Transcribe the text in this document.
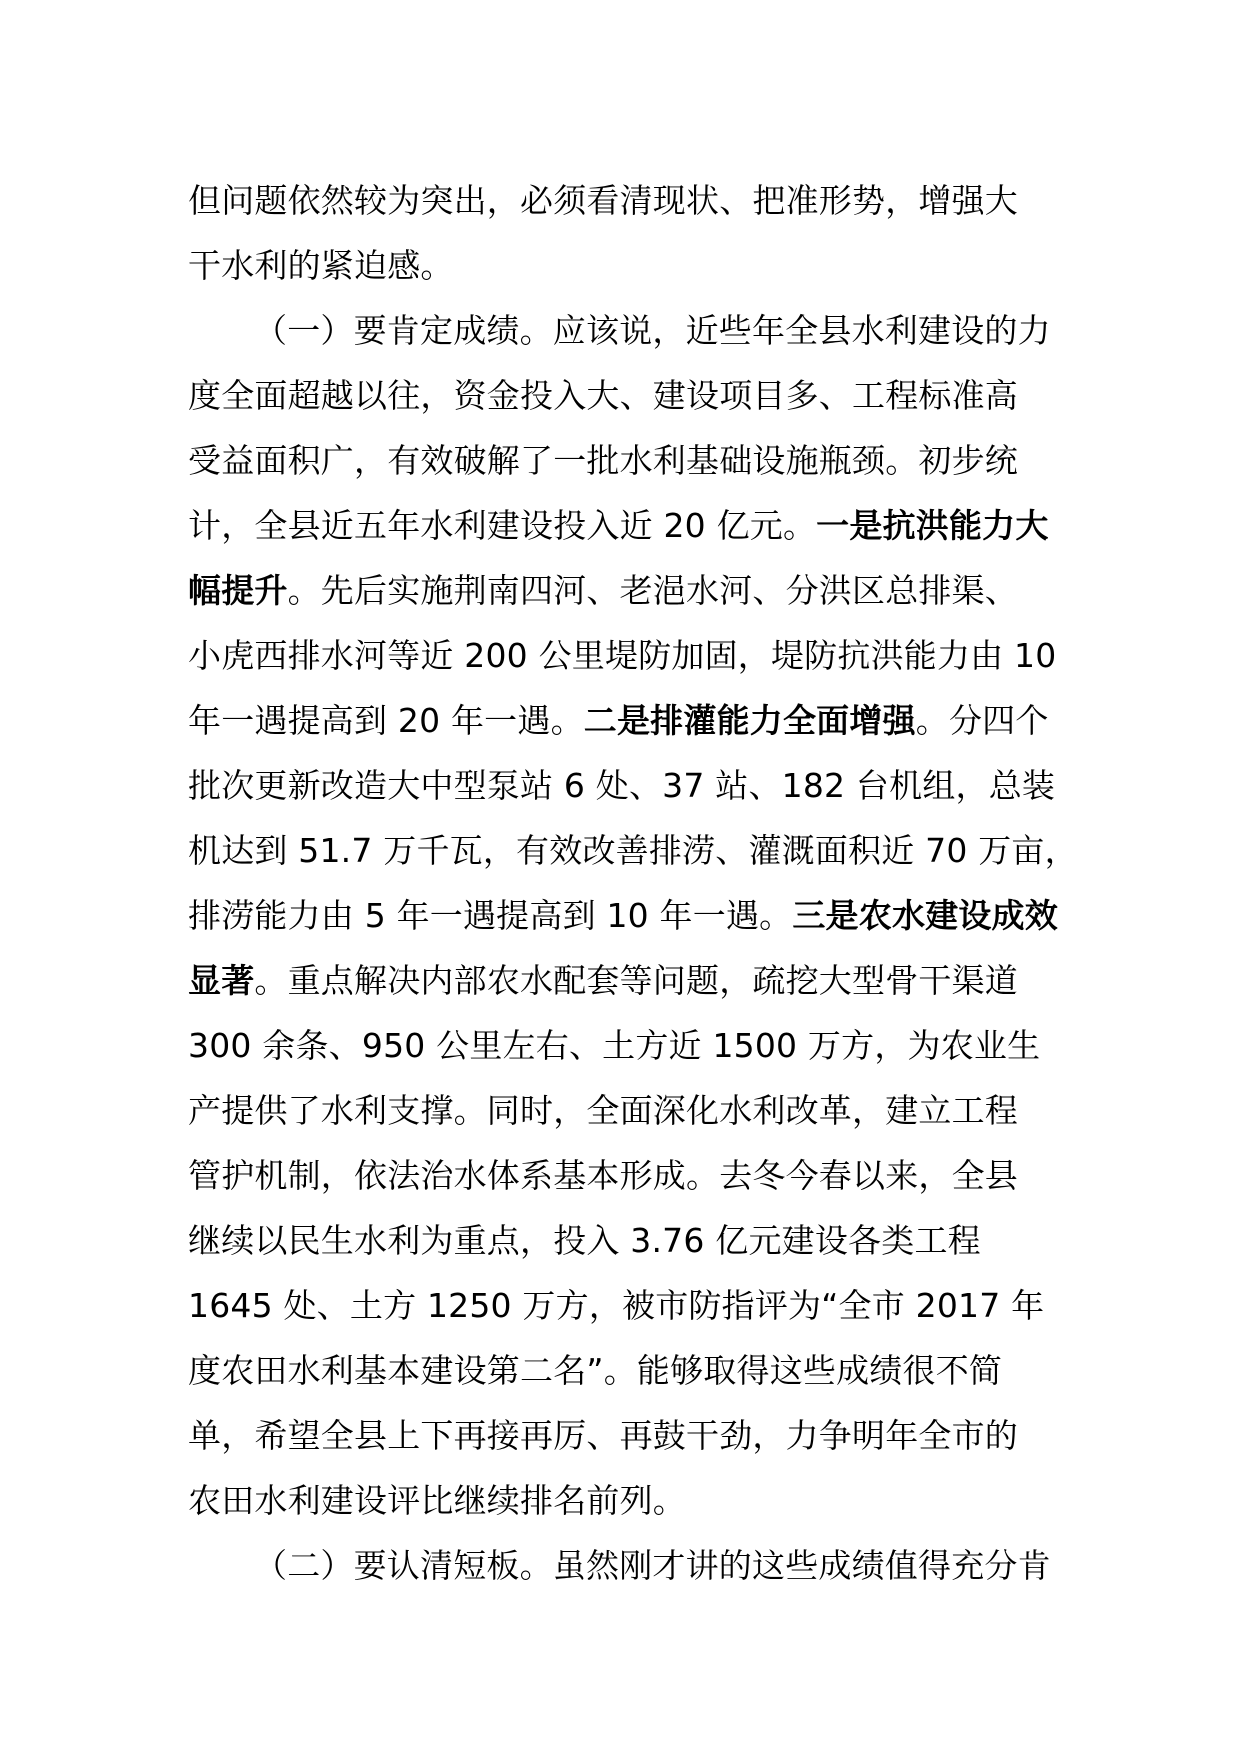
但问题依然较为突出，必须看清现状、把准形势，增强大
干水利的紧迫感。
（一）要肯定成绩。应该说，近些年全县水利建设的力
度全面超越以往，资金投入大、建设项目多、工程标准高
受益面积广，有效破解了一批水利基础设施瓶颈。初步统
计，全县近五年水利建设投入近 20 亿元。一是抗洪能力大
幅提升。先后实施荆南四河、老浥水河、分洪区总排渠、
小虎西排水河等近 200 公里堤防加固，堤防抗洪能力由 10
年一遇提高到 20 年一遇。二是排灌能力全面增强。分四个
批次更新改造大中型泵站 6 处、37 站、182 台机组，总装
机达到 51.7 万千瓦，有效改善排涝、灌溉面积近 70 万亩，
排涝能力由 5 年一遇提高到 10 年一遇。三是农水建设成效
显著。重点解决内部农水配套等问题，疏挖大型骨干渠道
300 余条、950 公里左右、土方近 1500 万方，为农业生
产提供了水利支撑。同时，全面深化水利改革，建立工程
管护机制，依法治水体系基本形成。去冬今春以来，全县
继续以民生水利为重点，投入 3.76 亿元建设各类工程
1645 处、土方 1250 万方，被市防指评为“全市 2017 年
度农田水利基本建设第二名”。能够取得这些成绩很不简
单，希望全县上下再接再厉、再鼓干劲，力争明年全市的
农田水利建设评比继续排名前列。
（二）要认清短板。虽然刚才讲的这些成绩值得充分肯
